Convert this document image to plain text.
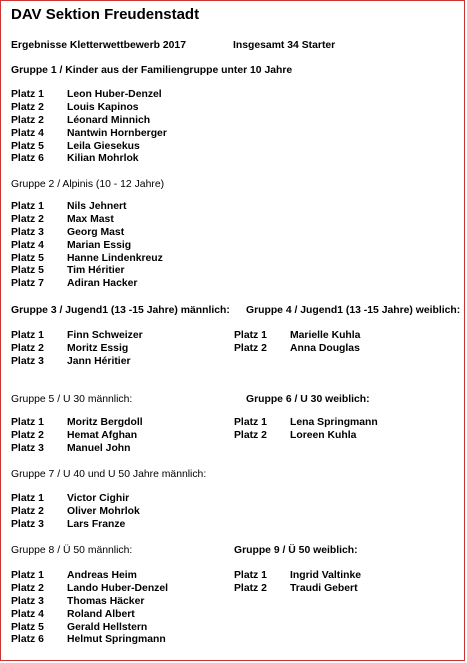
DAV Sektion Freudenstadt
Ergebnisse Kletterwettbewerb 2017	Insgesamt 34 Starter
Gruppe 1 / Kinder aus der Familiengruppe unter 10 Jahre
Platz 1 Leon Huber-Denzel
Platz 2 Louis Kapinos
Platz 2 Léonard Minnich
Platz 4 Nantwin Hornberger
Platz 5 Leila Giesekus
Platz 6 Kilian Mohrlok
Gruppe 2 / Alpinis (10 - 12 Jahre)
Platz 1 Nils Jehnert
Platz 2 Max Mast
Platz 3 Georg Mast
Platz 4 Marian Essig
Platz 5 Hanne Lindenkreuz
Platz 5 Tim Héritier
Platz 7 Adiran Hacker
Gruppe 3 / Jugend1 (13 -15 Jahre) männlich:
Platz 1 Finn Schweizer
Platz 2 Moritz Essig
Platz 3 Jann Héritier
Gruppe 4 / Jugend1 (13 -15 Jahre) weiblich:
Platz 1 Marielle Kuhla
Platz 2 Anna Douglas
Gruppe 5 / U 30 männlich:
Platz 1 Moritz Bergdoll
Platz 2 Hemat Afghan
Platz 3 Manuel John
Gruppe 6 / U 30 weiblich:
Platz 1 Lena Springmann
Platz 2 Loreen Kuhla
Gruppe 7 / U 40 und U 50 Jahre männlich:
Platz 1 Victor Cighir
Platz 2 Oliver Mohrlok
Platz 3 Lars Franze
Gruppe 8 / Ü 50 männlich:
Platz 1 Andreas Heim
Platz 2 Lando Huber-Denzel
Platz 3 Thomas Häcker
Platz 4 Roland Albert
Platz 5 Gerald Hellstern
Platz 6 Helmut Springmann
Gruppe 9 / Ü 50 weiblich:
Platz 1 Ingrid Valtinke
Platz 2 Traudi Gebert
